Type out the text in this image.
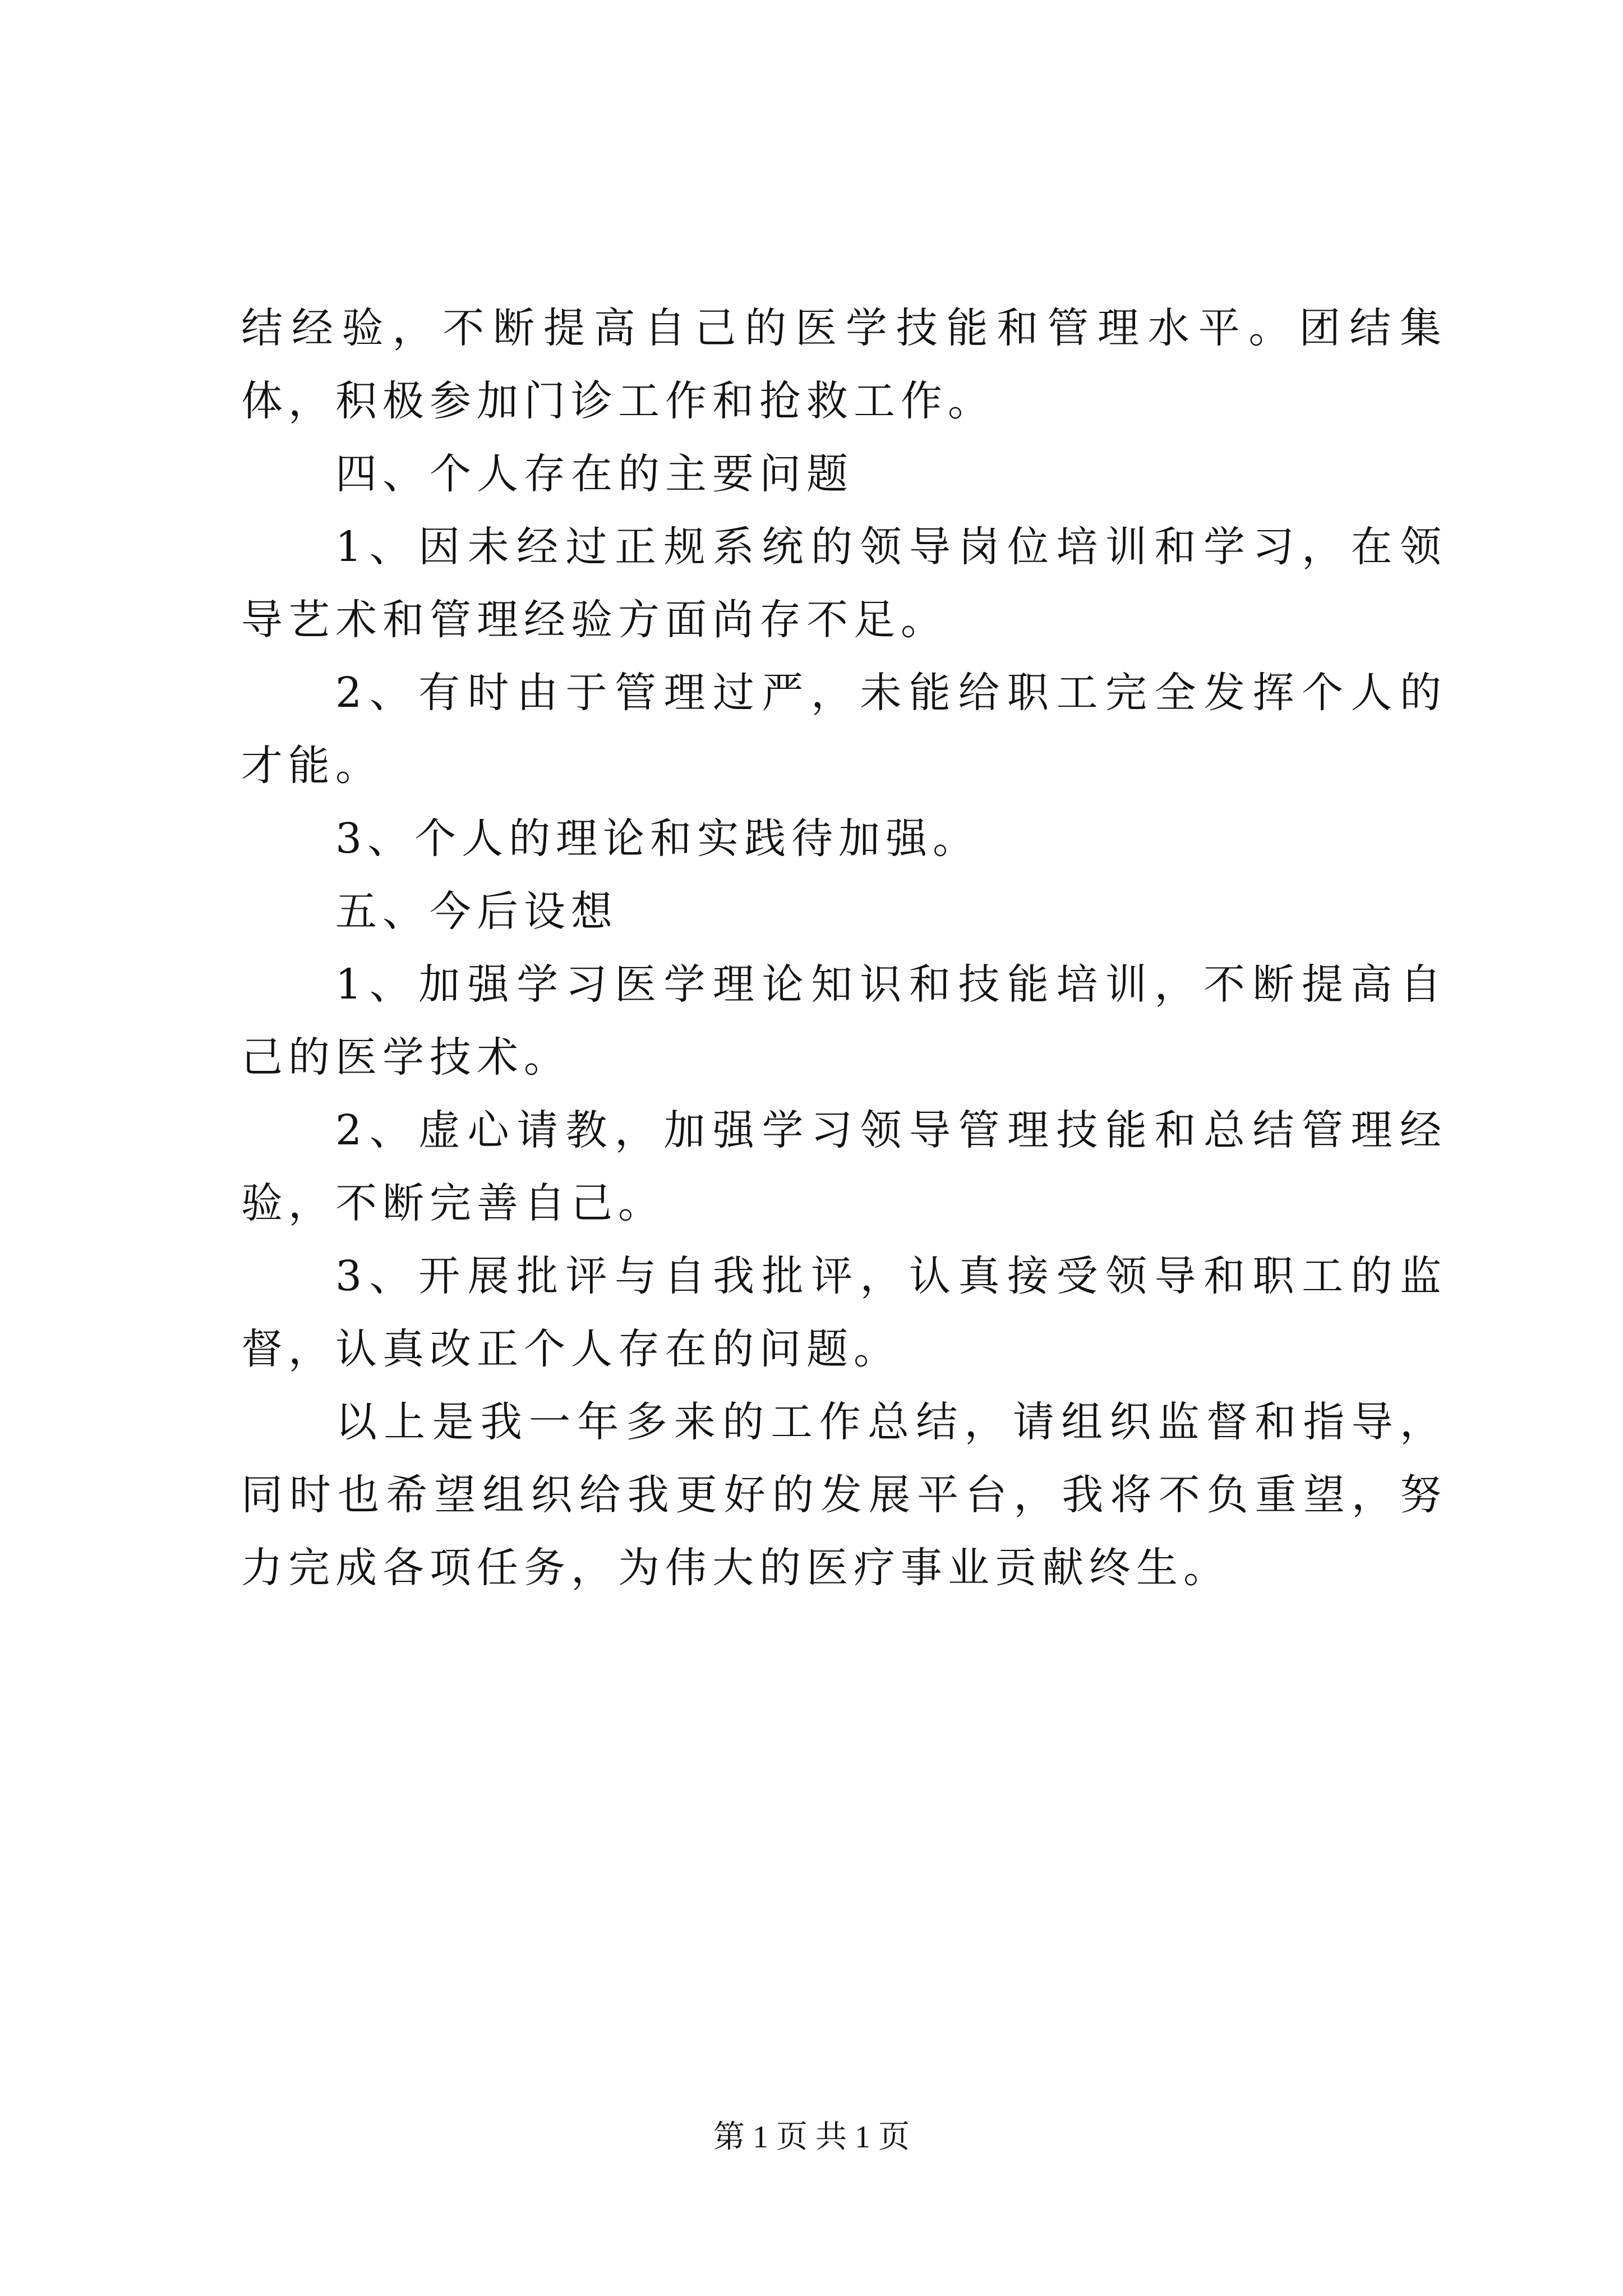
结经验，不断提高自己的医学技能和管理水平。团结集体，积极参加门诊工作和抢救工作。

四、个人存在的主要问题

1、因未经过正规系统的领导岗位培训和学习，在领导艺术和管理经验方面尚存不足。

2、有时由于管理过严，未能给职工完全发挥个人的才能。

3、个人的理论和实践待加强。

五、今后设想

1、加强学习医学理论知识和技能培训，不断提高自己的医学技术。

2、虚心请教，加强学习领导管理技能和总结管理经验，不断完善自己。

3、开展批评与自我批评，认真接受领导和职工的监督，认真改正个人存在的问题。

以上是我一年多来的工作总结，请组织监督和指导，同时也希望组织给我更好的发展平台，我将不负重望，努力完成各项任务，为伟大的医疗事业贡献终生。

第 1 页 共 1 页
